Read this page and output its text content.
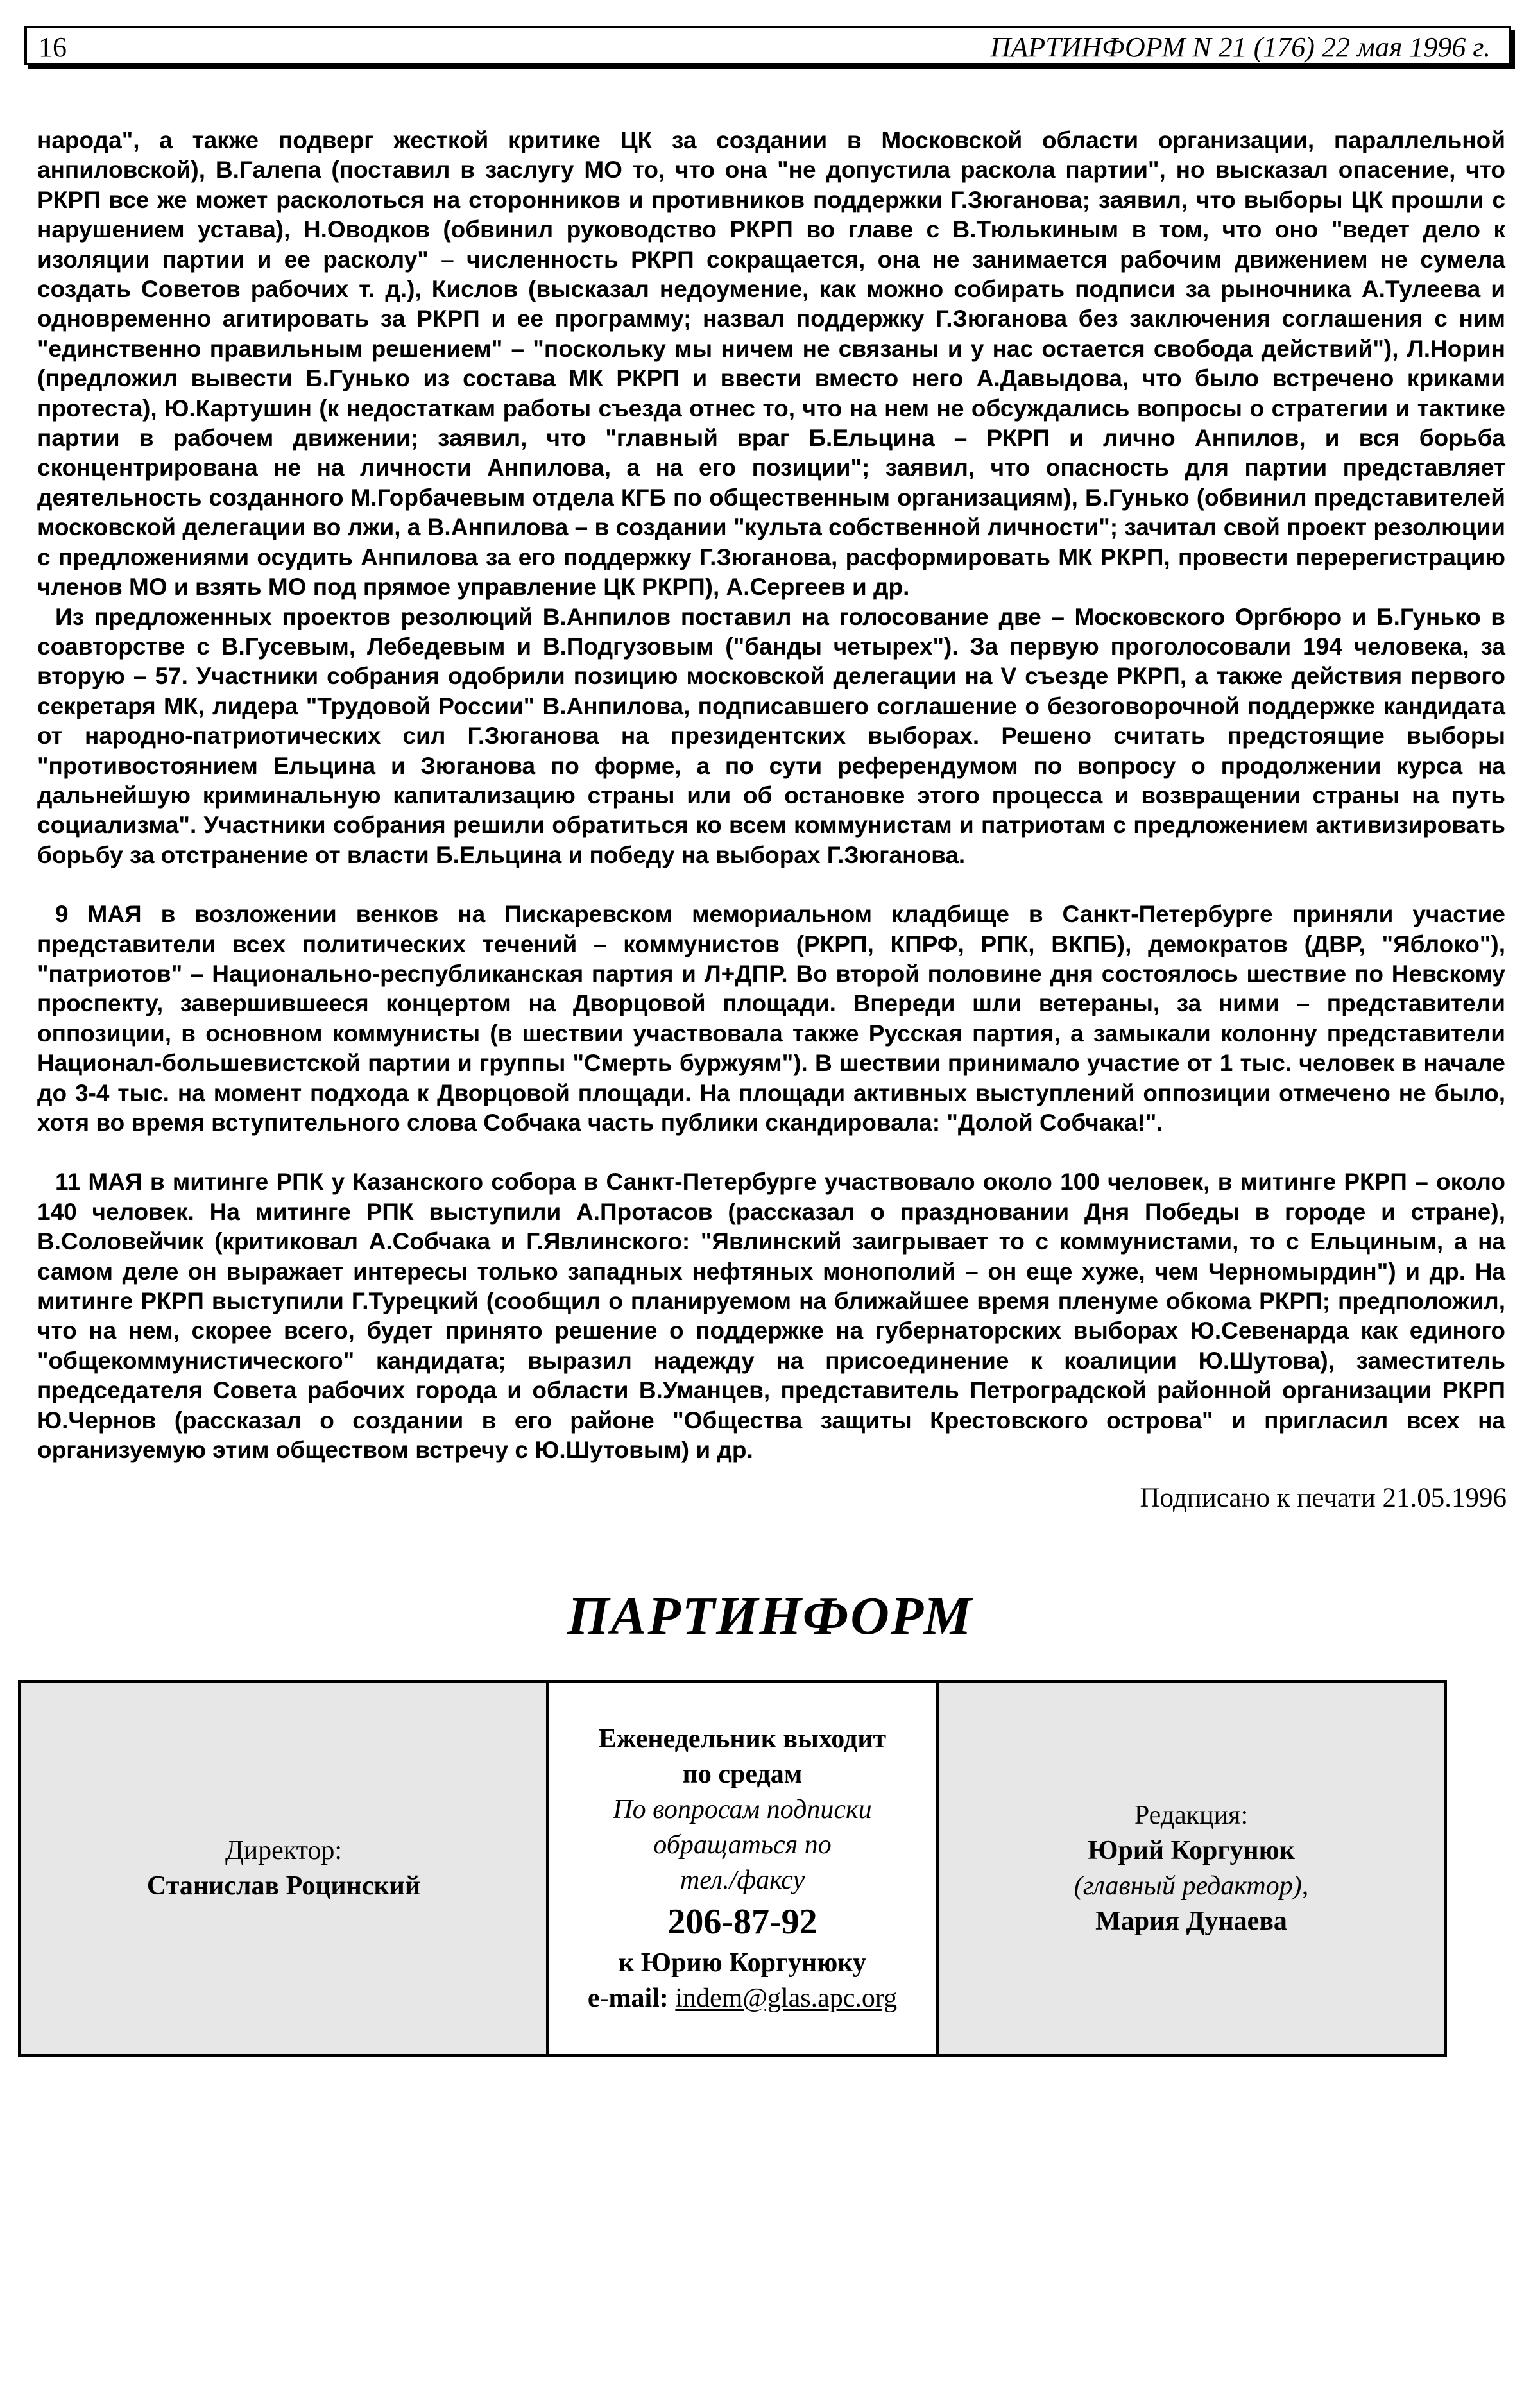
16	ПАРТИНФОРМ N 21 (176) 22 мая 1996 г.

народа", а также подверг жесткой критике ЦК за создании в Московской области организации, параллельной анпиловской), В.Галепа (поставил в заслугу МО то, что она "не допустила раскола партии", но высказал опасение, что РКРП все же может расколоться на сторонников и противников поддержки Г.Зюганова; заявил, что выборы ЦК прошли с нарушением устава), Н.Оводков (обвинил руководство РКРП во главе с В.Тюлькиным в том, что оно "ведет дело к изоляции партии и ее расколу" – численность РКРП сокращается, она не занимается рабочим движением не сумела создать Советов рабочих т. д.), Кислов (высказал недоумение, как можно собирать подписи за рыночника А.Тулеева и одновременно агитировать за РКРП и ее программу; назвал поддержку Г.Зюганова без заключения соглашения с ним "единственно правильным решением" – "поскольку мы ничем не связаны и у нас остается свобода действий"), Л.Норин (предложил вывести Б.Гунько из состава МК РКРП и ввести вместо него А.Давыдова, что было встречено криками протеста), Ю.Картушин (к недостаткам работы съезда отнес то, что на нем не обсуждались вопросы о стратегии и тактике партии в рабочем движении; заявил, что "главный враг Б.Ельцина – РКРП и лично Анпилов, и вся борьба сконцентрирована не на личности Анпилова, а на его позиции"; заявил, что опасность для партии представляет деятельность созданного М.Горбачевым отдела КГБ по общественным организациям), Б.Гунько (обвинил представителей московской делегации во лжи, а В.Анпилова – в создании "культа собственной личности"; зачитал свой проект резолюции с предложениями осудить Анпилова за его поддержку Г.Зюганова, расформировать МК РКРП, провести перерегистрацию членов МО и взять МО под прямое управление ЦК РКРП), А.Сергеев и др.

Из предложенных проектов резолюций В.Анпилов поставил на голосование две – Московского Оргбюро и Б.Гунько в соавторстве с В.Гусевым, Лебедевым и В.Подгузовым ("банды четырех"). За первую проголосовали 194 человека, за вторую – 57. Участники собрания одобрили позицию московской делегации на V съезде РКРП, а также действия первого секретаря МК, лидера "Трудовой России" В.Анпилова, подписавшего соглашение о безоговорочной поддержке кандидата от народно-патриотических сил Г.Зюганова на президентских выборах. Решено считать предстоящие выборы "противостоянием Ельцина и Зюганова по форме, а по сути референдумом по вопросу о продолжении курса на дальнейшую криминальную капитализацию страны или об остановке этого процесса и возвращении страны на путь социализма". Участники собрания решили обратиться ко всем коммунистам и патриотам с предложением активизировать борьбу за отстранение от власти Б.Ельцина и победу на выборах Г.Зюганова.

9 МАЯ в возложении венков на Пискаревском мемориальном кладбище в Санкт-Петербурге приняли участие представители всех политических течений – коммунистов (РКРП, КПРФ, РПК, ВКПБ), демократов (ДВР, "Яблоко"), "патриотов" – Национально-республиканская партия и Л+ДПР. Во второй половине дня состоялось шествие по Невскому проспекту, завершившееся концертом на Дворцовой площади. Впереди шли ветераны, за ними – представители оппозиции, в основном коммунисты (в шествии участвовала также Русская партия, а замыкали колонну представители Национал-большевистской партии и группы "Смерть буржуям"). В шествии принимало участие от 1 тыс. человек в начале до 3-4 тыс. на момент подхода к Дворцовой площади. На площади активных выступлений оппозиции отмечено не было, хотя во время вступительного слова Собчака часть публики скандировала: "Долой Собчака!".

11 МАЯ в митинге РПК у Казанского собора в Санкт-Петербурге участвовало около 100 человек, в митинге РКРП – около 140 человек. На митинге РПК выступили А.Протасов (рассказал о праздновании Дня Победы в городе и стране), В.Соловейчик (критиковал А.Собчака и Г.Явлинского: "Явлинский заигрывает то с коммунистами, то с Ельциным, а на самом деле он выражает интересы только западных нефтяных монополий – он еще хуже, чем Черномырдин") и др. На митинге РКРП выступили Г.Турецкий (сообщил о планируемом на ближайшее время пленуме обкома РКРП; предположил, что на нем, скорее всего, будет принято решение о поддержке на губернаторских выборах Ю.Севенарда как единого "общекоммунистического" кандидата; выразил надежду на присоединение к коалиции Ю.Шутова), заместитель председателя Совета рабочих города и области В.Уманцев, представитель Петроградской районной организации РКРП Ю.Чернов (рассказал о создании в его районе "Общества защиты Крестовского острова" и пригласил всех на организуемую этим обществом встречу с Ю.Шутовым) и др.

Подписано к печати 21.05.1996
ПАРТИНФОРМ
Директор:
Станислав Роцинский
Еженедельник выходит
по средам
По вопросам подписки
обращаться по
тел./факсу
206-87-92
к Юрию Коргунюку
e-mail: indem@glas.apc.org
Редакция:
Юрий Коргунюк
(главный редактор),
Мария Дунаева
